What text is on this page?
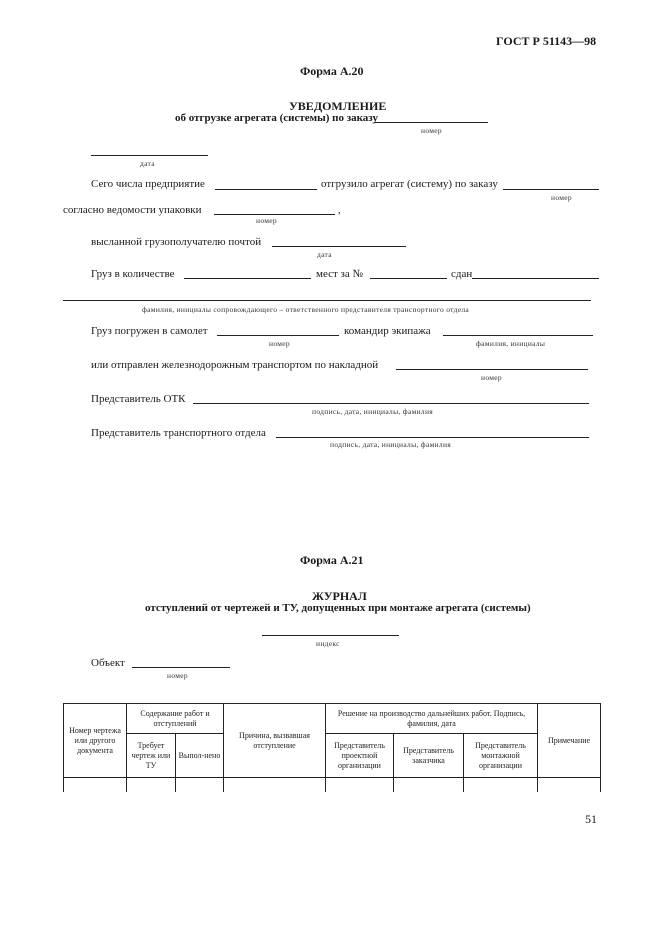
ГОСТ Р 51143—98
Форма А.20
УВЕДОМЛЕНИЕ
об отгрузке агрегата (системы) по заказу
номер
дата
Сего числа предприятие	отгрузило агрегат (систему) по заказу
номер
согласно ведомости упаковки	,
номер
высланной грузополучателю почтой
дата
Груз в количестве	мест за №	сдан
фамилия, инициалы сопровождающего – ответственного представителя транспортного отдела
Груз погружен в самолет	командир экипажа
номер	фамилия, инициалы
или отправлен железнодорожным транспортом по накладной
номер
Представитель ОТК
подпись, дата, инициалы, фамилия
Представитель транспортного отдела
подпись, дата, инициалы, фамилия
Форма А.21
ЖУРНАЛ
отступлений от чертежей и ТУ, допущенных при монтаже агрегата (системы)
индекс
Объект
номер
Номер чертежа или другого документа	Содержание работ и отступлений		Причина, вызвавшая отступление	Решение на производство дальнейших работ. Подпись, фамилия, дата			Примечание
	Требует чертеж или ТУ	Выпол-нено		Представитель проектной организации	Представитель заказчика	Представитель монтажной организации	

51
